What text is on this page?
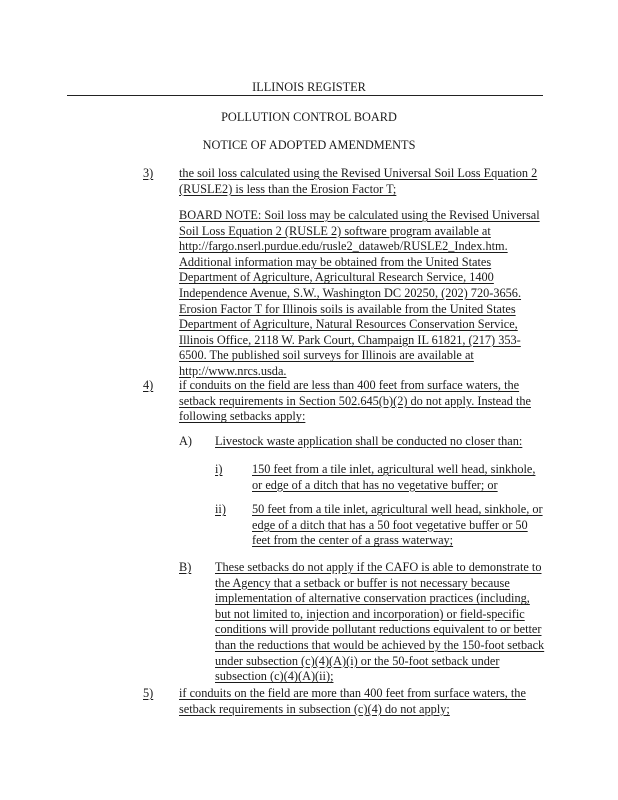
ILLINOIS REGISTER
POLLUTION CONTROL BOARD
NOTICE OF ADOPTED AMENDMENTS
3) the soil loss calculated using the Revised Universal Soil Loss Equation 2
(RUSLE2) is less than the Erosion Factor T;
BOARD NOTE: Soil loss may be calculated using the Revised Universal
Soil Loss Equation 2 (RUSLE 2) software program available at
http://fargo.nserl.purdue.edu/rusle2_dataweb/RUSLE2_Index.htm.
Additional information may be obtained from the United States
Department of Agriculture, Agricultural Research Service, 1400
Independence Avenue, S.W., Washington DC 20250, (202) 720-3656.
Erosion Factor T for Illinois soils is available from the United States
Department of Agriculture, Natural Resources Conservation Service,
Illinois Office, 2118 W. Park Court, Champaign IL 61821, (217) 353-
6500. The published soil surveys for Illinois are available at
http://www.nrcs.usda.
4) if conduits on the field are less than 400 feet from surface waters, the
setback requirements in Section 502.645(b)(2) do not apply. Instead the
following setbacks apply:
A) Livestock waste application shall be conducted no closer than:
i) 150 feet from a tile inlet, agricultural well head, sinkhole,
or edge of a ditch that has no vegetative buffer; or
ii) 50 feet from a tile inlet, agricultural well head, sinkhole, or
edge of a ditch that has a 50 foot vegetative buffer or 50
feet from the center of a grass waterway;
B) These setbacks do not apply if the CAFO is able to demonstrate to
the Agency that a setback or buffer is not necessary because
implementation of alternative conservation practices (including,
but not limited to, injection and incorporation) or field-specific
conditions will provide pollutant reductions equivalent to or better
than the reductions that would be achieved by the 150-foot setback
under subsection (c)(4)(A)(i) or the 50-foot setback under
subsection (c)(4)(A)(ii);
5) if conduits on the field are more than 400 feet from surface waters, the
setback requirements in subsection (c)(4) do not apply;
